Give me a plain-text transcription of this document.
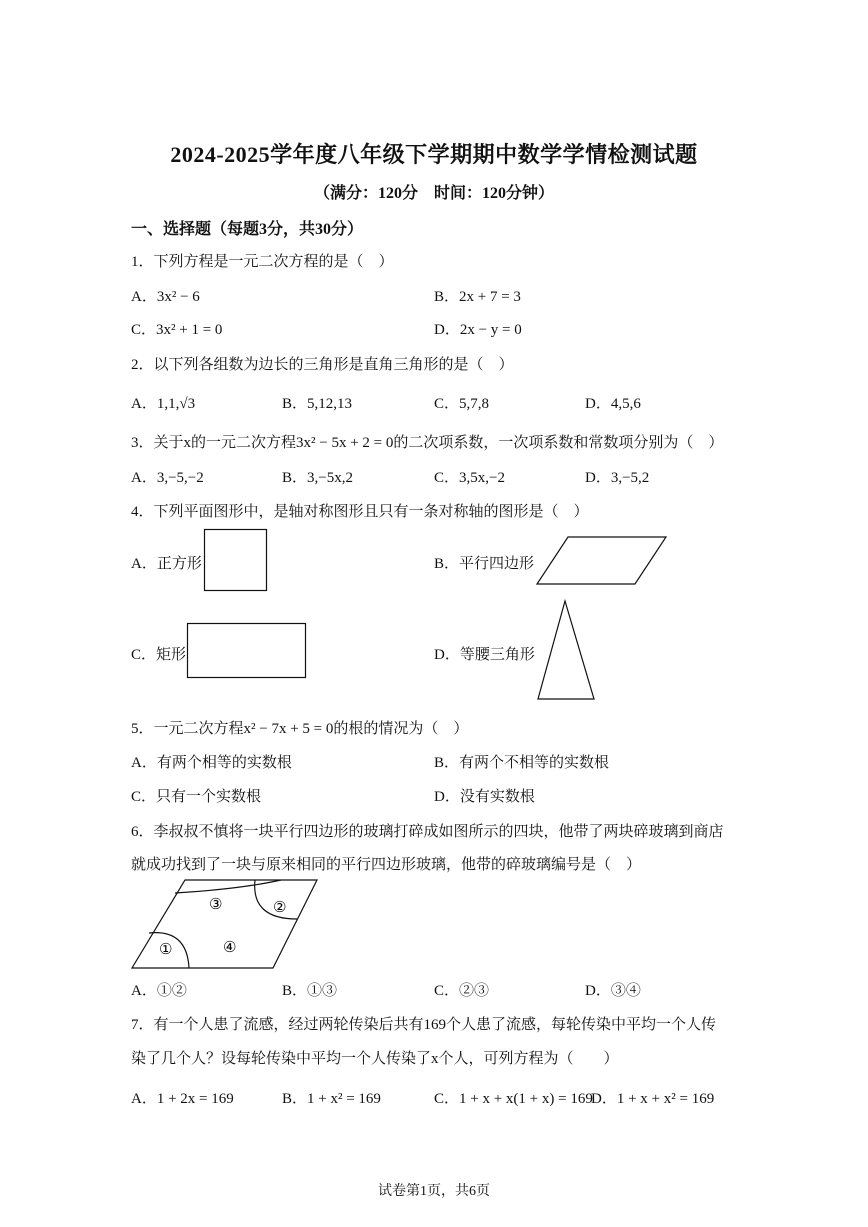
2024-2025学年度八年级下学期期中数学学情检测试题
（满分：120分　时间：120分钟）
一、选择题（每题3分，共30分）
1．下列方程是一元二次方程的是（　）
A．3x² − 6	B．2x + 7 = 3
C．3x² + 1 = 0	D．2x − y = 0
2．以下列各组数为边长的三角形是直角三角形的是（　）
A．1,1,√3	B．5,12,13	C．5,7,8	D．4,5,6
3．关于x的一元二次方程3x² − 5x + 2 = 0的二次项系数，一次项系数和常数项分别为（　）
A．3,−5,−2	B．3,−5x,2	C．3,5x,−2	D．3,−5,2
4．下列平面图形中，是轴对称图形且只有一条对称轴的图形是（　）
A．正方形	B．平行四边形
C．矩形	D．等腰三角形
5．一元二次方程x² − 7x + 5 = 0的根的情况为（　）
A．有两个相等的实数根	B．有两个不相等的实数根
C．只有一个实数根	D．没有实数根
6．李叔叔不慎将一块平行四边形的玻璃打碎成如图所示的四块，他带了两块碎玻璃到商店
就成功找到了一块与原来相同的平行四边形玻璃，他带的碎玻璃编号是（　）
③	②
①	④
A．①②	B．①③	C．②③	D．③④
7．有一个人患了流感，经过两轮传染后共有169个人患了流感，每轮传染中平均一个人传
染了几个人？设每轮传染中平均一个人传染了x个人，可列方程为（　　）
A．1 + 2x = 169	B．1 + x² = 169	C．1 + x + x(1 + x) = 169
D．1 + x + x² = 169
试卷第1页，共6页
